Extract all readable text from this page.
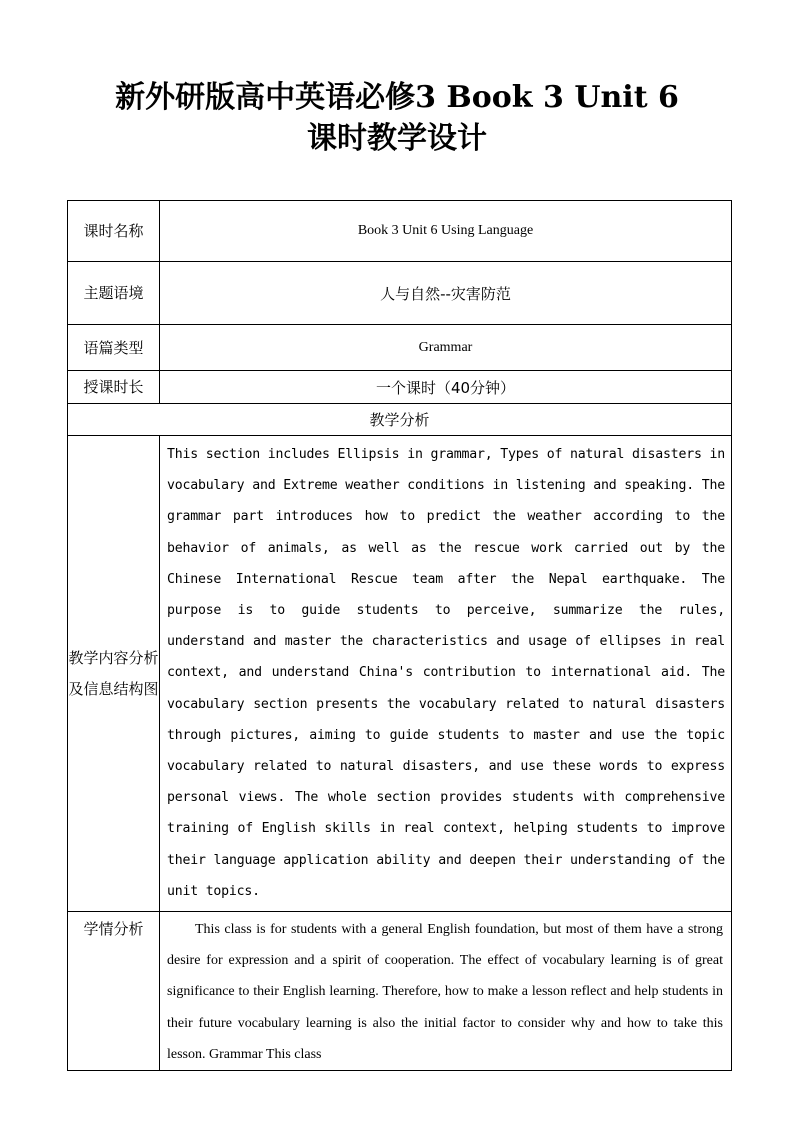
新外研版高中英语必修3 Book 3 Unit 6
课时教学设计
课时名称	Book 3 Unit 6 Using Language
主题语境	人与自然--灾害防范
语篇类型	Grammar
授课时长	一个课时（40分钟）
教学分析	
教学内容分析及信息结构图	This section includes Ellipsis in grammar, Types of natural disasters in vocabulary and Extreme weather conditions in listening and speaking. The grammar part introduces how to predict the weather according to the behavior of animals, as well as the rescue work carried out by the Chinese International Rescue team after the Nepal earthquake. The purpose is to guide students to perceive, summarize the rules, understand and master the characteristics and usage of ellipses in real context, and understand China's contribution to international aid. The vocabulary section presents the vocabulary related to natural disasters through pictures, aiming to guide students to master and use the topic vocabulary related to natural disasters, and use these words to express personal views. The whole section provides students with comprehensive training of English skills in real context, helping students to improve their language application ability and deepen their understanding of the unit topics.
学情分析	This class is for students with a general English foundation, but most of them have a strong desire for expression and a spirit of cooperation. The effect of vocabulary learning is of great significance to their English learning. Therefore, how to make a lesson reflect and help students in their future vocabulary learning is also the initial factor to consider why and how to take this lesson. Grammar This class
